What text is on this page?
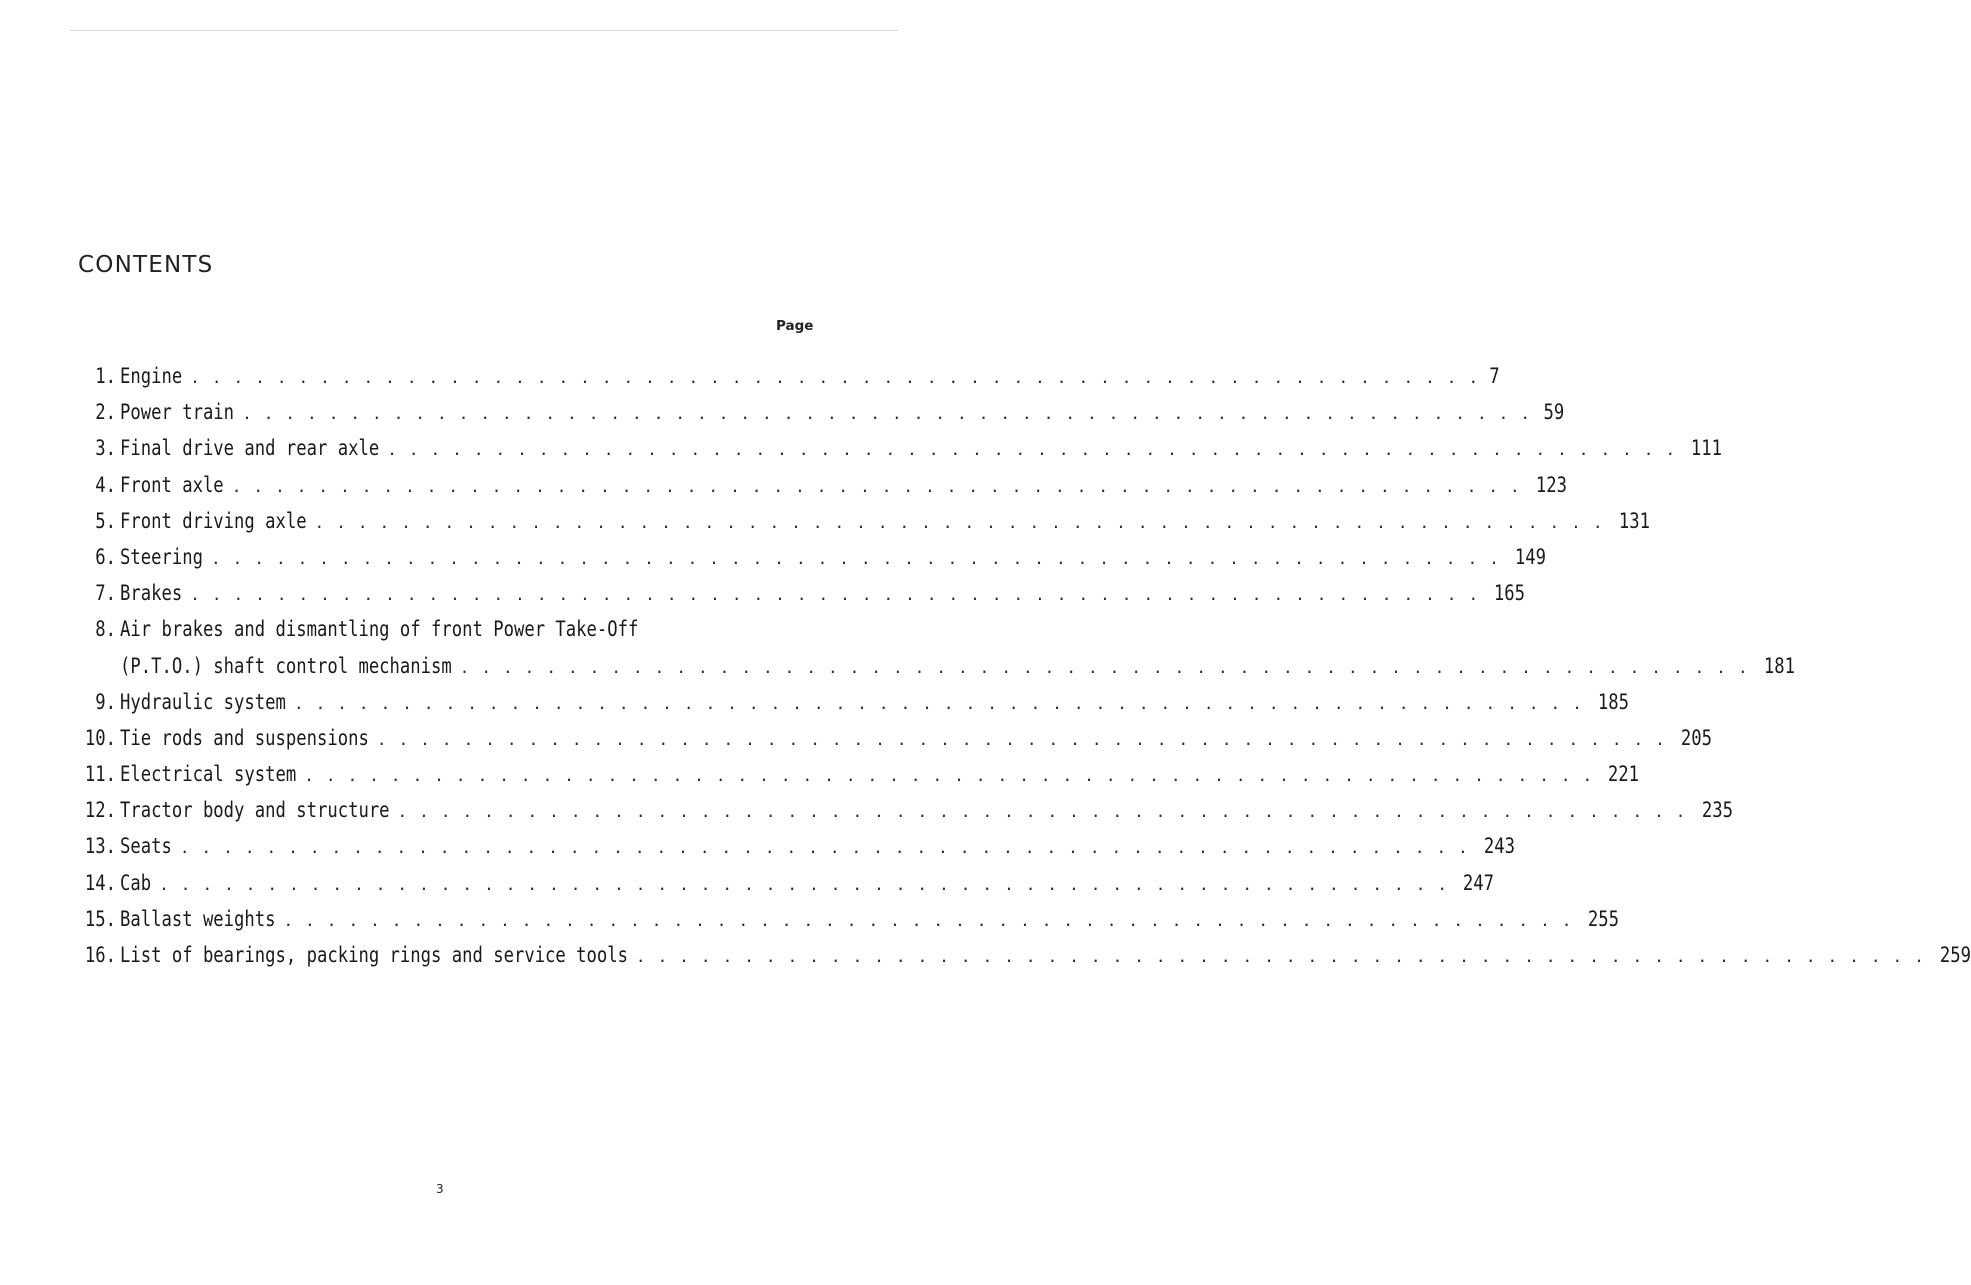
CONTENTS
Page
1. Engine . . . . . . . . . . . . . . . . . . . . . . . . . . . . . . . . . . . . . . . . . . . . . . . . . . . . . . . . . . . . 7
2. Power train . . . . . . . . . . . . . . . . . . . . . . . . . . . . . . . . . . . . . . . . . . . . . . . . . . . . . . . . . . . . 59
3. Final drive and rear axle . . . . . . . . . . . . . . . . . . . . . . . . . . . . . . . . . . . . . . . . . . . . . . . . . . . . . . . . . . . . 111
4. Front axle . . . . . . . . . . . . . . . . . . . . . . . . . . . . . . . . . . . . . . . . . . . . . . . . . . . . . . . . . . . . 123
5. Front driving axle . . . . . . . . . . . . . . . . . . . . . . . . . . . . . . . . . . . . . . . . . . . . . . . . . . . . . . . . . . . . 131
6. Steering . . . . . . . . . . . . . . . . . . . . . . . . . . . . . . . . . . . . . . . . . . . . . . . . . . . . . . . . . . . . 149
7. Brakes . . . . . . . . . . . . . . . . . . . . . . . . . . . . . . . . . . . . . . . . . . . . . . . . . . . . . . . . . . . . 165
8. Air brakes and dismantling of front Power Take-Off
(P.T.O.) shaft control mechanism . . . . . . . . . . . . . . . . . . . . . . . . . . . . . . . . . . . . . . . . . . . . . . . . . . . . . . . . . . . . 181
9. Hydraulic system . . . . . . . . . . . . . . . . . . . . . . . . . . . . . . . . . . . . . . . . . . . . . . . . . . . . . . . . . . . . 185
10. Tie rods and suspensions . . . . . . . . . . . . . . . . . . . . . . . . . . . . . . . . . . . . . . . . . . . . . . . . . . . . . . . . . . . . 205
11. Electrical system . . . . . . . . . . . . . . . . . . . . . . . . . . . . . . . . . . . . . . . . . . . . . . . . . . . . . . . . . . . . 221
12. Tractor body and structure . . . . . . . . . . . . . . . . . . . . . . . . . . . . . . . . . . . . . . . . . . . . . . . . . . . . . . . . . . . . 235
13. Seats . . . . . . . . . . . . . . . . . . . . . . . . . . . . . . . . . . . . . . . . . . . . . . . . . . . . . . . . . . . . 243
14. Cab . . . . . . . . . . . . . . . . . . . . . . . . . . . . . . . . . . . . . . . . . . . . . . . . . . . . . . . . . . . . 247
15. Ballast weights . . . . . . . . . . . . . . . . . . . . . . . . . . . . . . . . . . . . . . . . . . . . . . . . . . . . . . . . . . . . 255
16. List of bearings, packing rings and service tools . . . . . . . . . . . . . . . . . . . . . . . . . . . . . . . . . . . . . . . . . . . . . . . . . . . . . . . . . . . . 259
3
